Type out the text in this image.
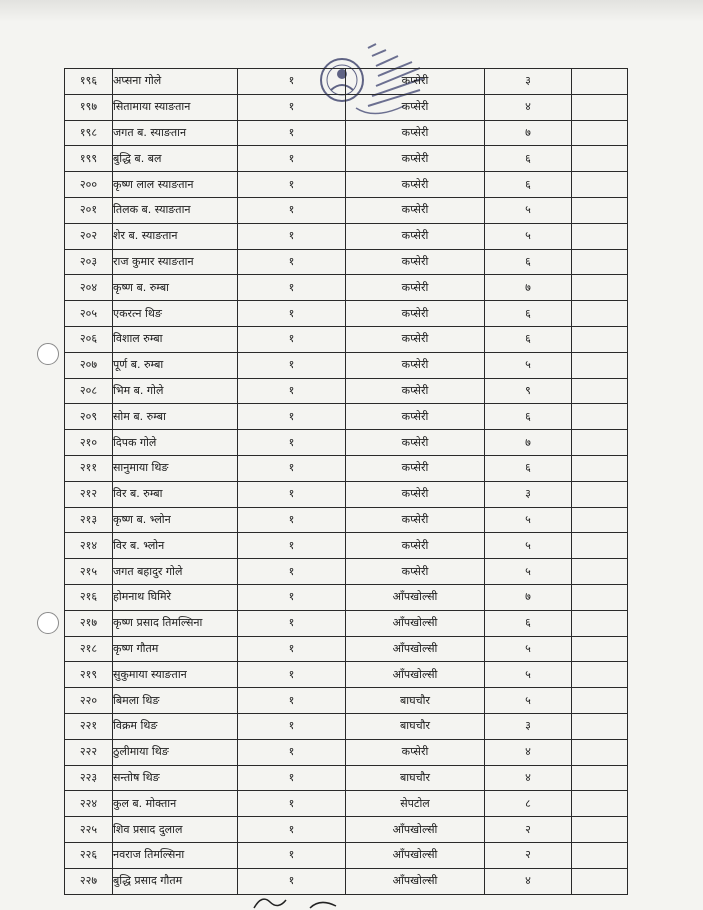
१९६	अप्सना गोले	१	कप्सेरी	३	
१९७	सितामाया स्याङतान	१	कप्सेरी	४	
१९८	जगत ब. स्याङतान	१	कप्सेरी	७	
१९९	बुद्धि ब. बल	१	कप्सेरी	६	
२००	कृष्ण लाल स्याङतान	१	कप्सेरी	६	
२०१	तिलक ब. स्याङतान	१	कप्सेरी	५	
२०२	शेर ब. स्याङतान	१	कप्सेरी	५	
२०३	राज कुमार स्याङतान	१	कप्सेरी	६	
२०४	कृष्ण ब. रुम्बा	१	कप्सेरी	७	
२०५	एकरत्न थिङ	१	कप्सेरी	६	
२०६	विशाल रुम्बा	१	कप्सेरी	६	
२०७	पूर्ण ब. रुम्बा	१	कप्सेरी	५	
२०८	भिम ब. गोले	१	कप्सेरी	९	
२०९	सोम ब. रुम्बा	१	कप्सेरी	६	
२१०	दिपक गोले	१	कप्सेरी	७	
२११	सानुमाया थिङ	१	कप्सेरी	६	
२१२	विर ब. रुम्बा	१	कप्सेरी	३	
२१३	कृष्ण ब. भ्लोन	१	कप्सेरी	५	
२१४	विर ब. भ्लोन	१	कप्सेरी	५	
२१५	जगत बहादुर गोले	१	कप्सेरी	५	
२१६	होमनाथ घिमिरे	१	आँपखोल्सी	७	
२१७	कृष्ण प्रसाद तिमल्सिना	१	आँपखोल्सी	६	
२१८	कृष्ण गौतम	१	आँपखोल्सी	५	
२१९	सुकुमाया स्याङतान	१	आँपखोल्सी	५	
२२०	बिमला थिङ	१	बाघचौर	५	
२२१	विक्रम थिङ	१	बाघचौर	३	
२२२	ठुलीमाया थिङ	१	कप्सेरी	४	
२२३	सन्तोष थिङ	१	बाघचौर	४	
२२४	कुल ब. मोक्तान	१	सेपटोल	८	
२२५	शिव प्रसाद दुलाल	१	आँपखोल्सी	२	
२२६	नवराज तिमल्सिना	१	आँपखोल्सी	२	
२२७	बुद्धि प्रसाद गौतम	१	आँपखोल्सी	४	
